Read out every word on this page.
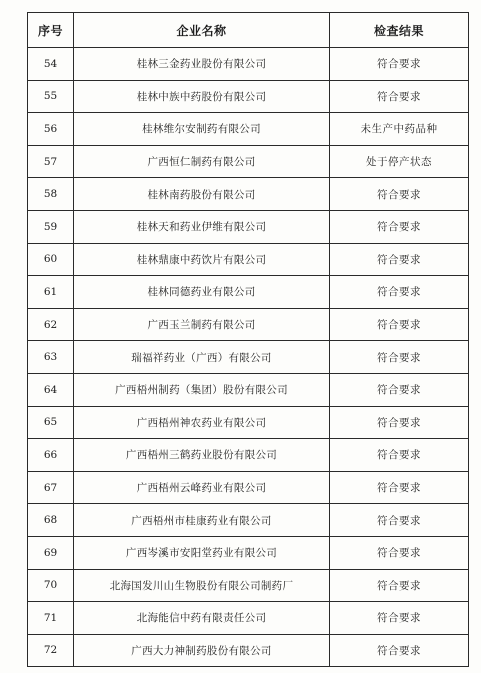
序号	企业名称	检查结果
54	桂林三金药业股份有限公司	符合要求
55	桂林中族中药股份有限公司	符合要求
56	桂林维尔安制药有限公司	未生产中药品种
57	广西恒仁制药有限公司	处于停产状态
58	桂林南药股份有限公司	符合要求
59	桂林天和药业伊维有限公司	符合要求
60	桂林鼎康中药饮片有限公司	符合要求
61	桂林同德药业有限公司	符合要求
62	广西玉兰制药有限公司	符合要求
63	瑞福祥药业（广西）有限公司	符合要求
64	广西梧州制药（集团）股份有限公司	符合要求
65	广西梧州神农药业有限公司	符合要求
66	广西梧州三鹤药业股份有限公司	符合要求
67	广西梧州云峰药业有限公司	符合要求
68	广西梧州市桂康药业有限公司	符合要求
69	广西岑溪市安阳堂药业有限公司	符合要求
70	北海国发川山生物股份有限公司制药厂	符合要求
71	北海能信中药有限责任公司	符合要求
72	广西大力神制药股份有限公司	符合要求
